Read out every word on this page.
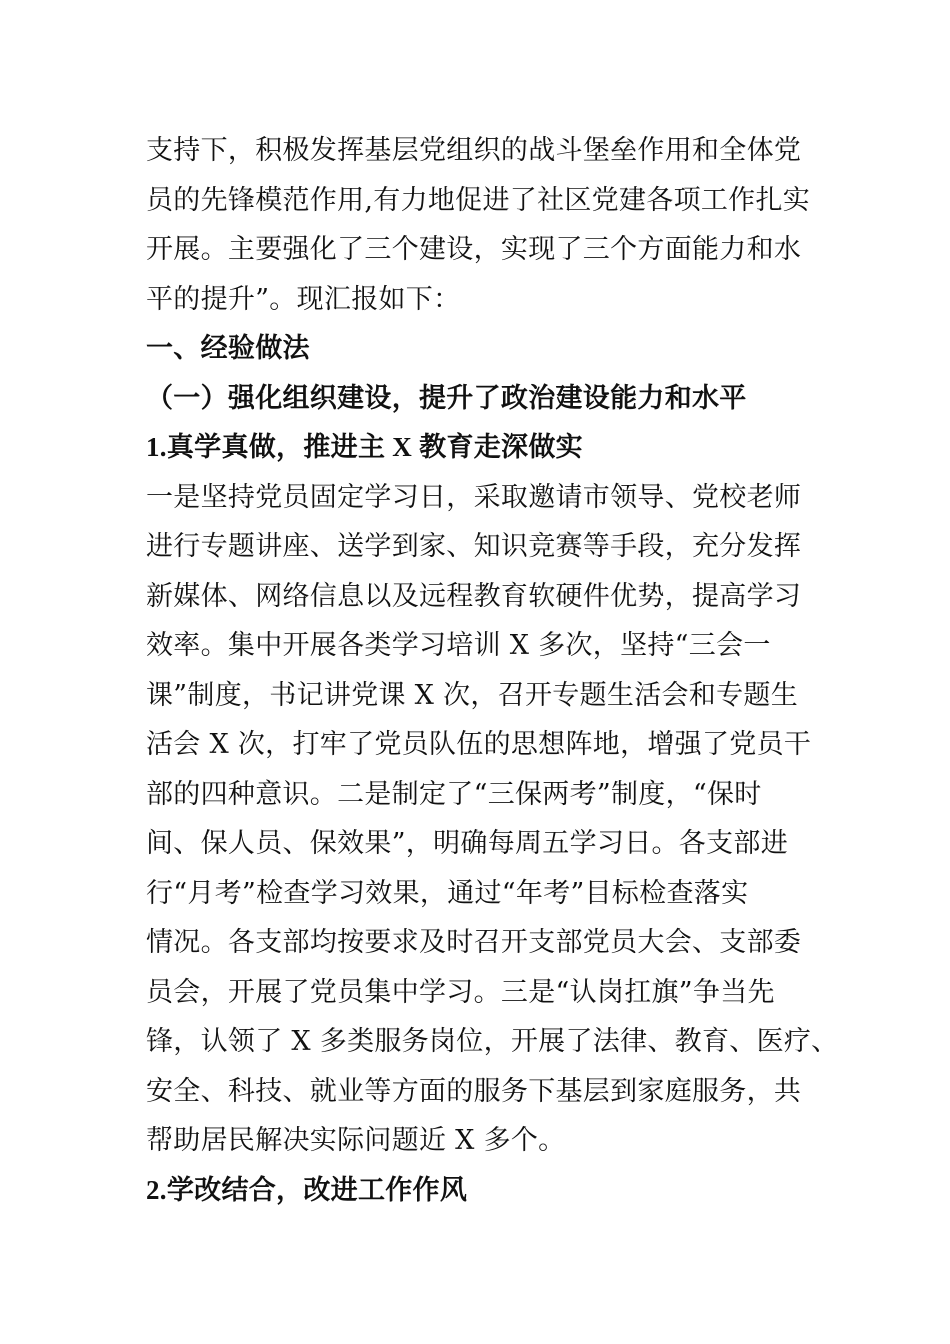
支持下，积极发挥基层党组织的战斗堡垒作用和全体党
员的先锋模范作用,有力地促进了社区党建各项工作扎实
开展。主要强化了三个建设，实现了三个方面能力和水
平的提升”。现汇报如下：
一、经验做法
（一）强化组织建设，提升了政治建设能力和水平
1.真学真做，推进主 X 教育走深做实
一是坚持党员固定学习日，采取邀请市领导、党校老师
进行专题讲座、送学到家、知识竞赛等手段，充分发挥
新媒体、网络信息以及远程教育软硬件优势，提高学习
效率。集中开展各类学习培训 X 多次，坚持“三会一
课”制度，书记讲党课 X 次，召开专题生活会和专题生
活会 X 次，打牢了党员队伍的思想阵地，增强了党员干
部的四种意识。二是制定了“三保两考”制度，“保时
间、保人员、保效果”，明确每周五学习日。各支部进
行“月考”检查学习效果，通过“年考”目标检查落实
情况。各支部均按要求及时召开支部党员大会、支部委
员会，开展了党员集中学习。三是“认岗扛旗”争当先
锋，认领了 X 多类服务岗位，开展了法律、教育、医疗、
安全、科技、就业等方面的服务下基层到家庭服务，共
帮助居民解决实际问题近 X 多个。
2.学改结合，改进工作作风
